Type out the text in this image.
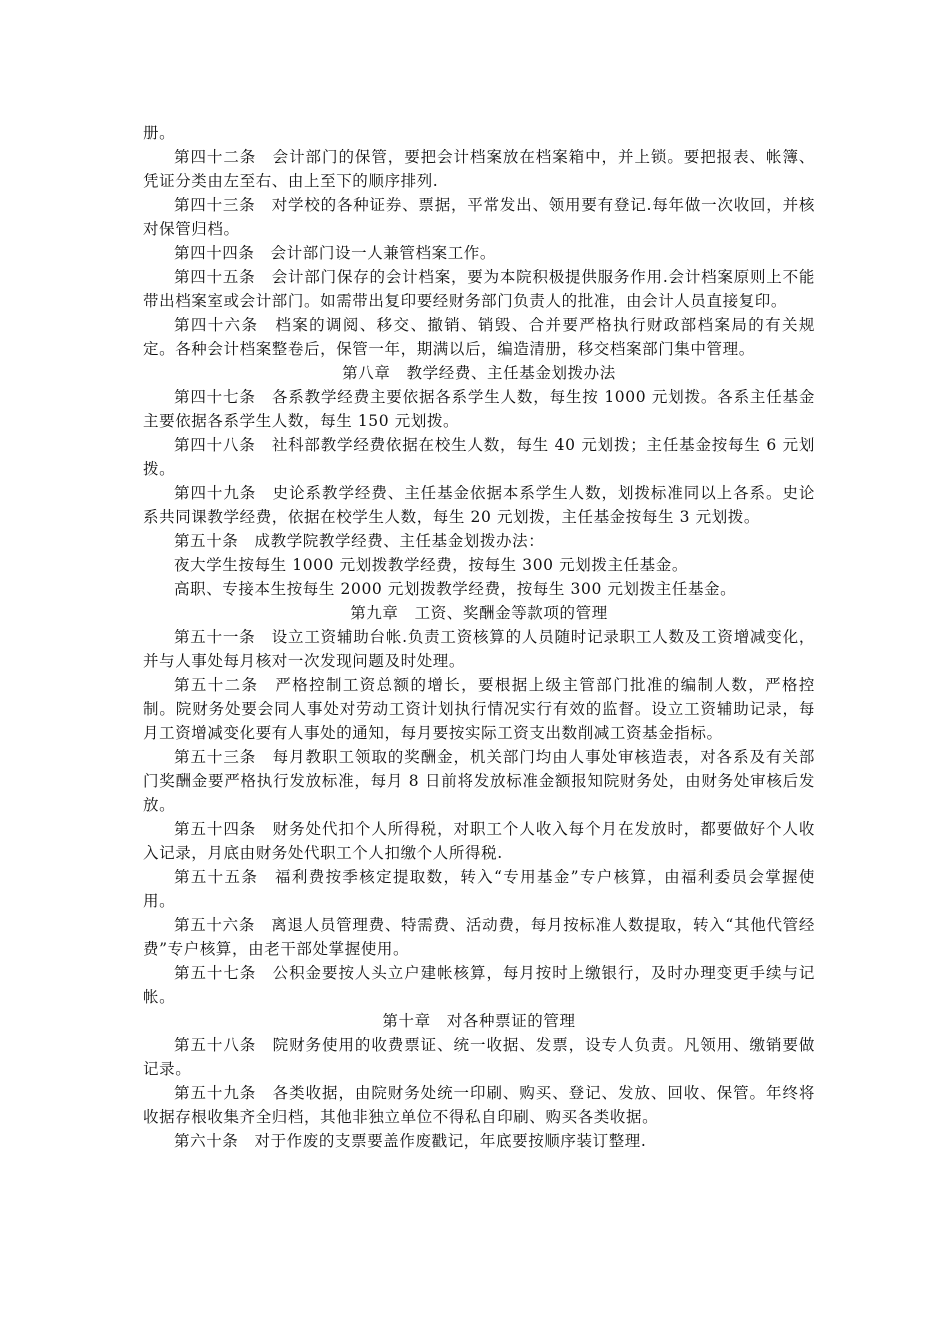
册。

第四十二条　会计部门的保管，要把会计档案放在档案箱中，并上锁。要把报表、帐簿、凭证分类由左至右、由上至下的顺序排列.

第四十三条　对学校的各种证券、票据，平常发出、领用要有登记.每年做一次收回，并核对保管归档。

第四十四条　会计部门设一人兼管档案工作。

第四十五条　会计部门保存的会计档案，要为本院积极提供服务作用.会计档案原则上不能带出档案室或会计部门。如需带出复印要经财务部门负责人的批准，由会计人员直接复印。

第四十六条　档案的调阅、移交、撤销、销毁、合并要严格执行财政部档案局的有关规定。各种会计档案整卷后，保管一年，期满以后，编造清册，移交档案部门集中管理。

第八章　教学经费、主任基金划拨办法

第四十七条　各系教学经费主要依据各系学生人数，每生按 1000 元划拨。各系主任基金主要依据各系学生人数，每生 150 元划拨。

第四十八条　社科部教学经费依据在校生人数，每生 40 元划拨；主任基金按每生 6 元划拨。

第四十九条　史论系教学经费、主任基金依据本系学生人数，划拨标准同以上各系。史论系共同课教学经费，依据在校学生人数，每生 20 元划拨，主任基金按每生 3 元划拨。

第五十条　成教学院教学经费、主任基金划拨办法：

夜大学生按每生 1000 元划拨教学经费，按每生 300 元划拨主任基金。

高职、专接本生按每生 2000 元划拨教学经费，按每生 300 元划拨主任基金。

第九章　工资、奖酬金等款项的管理

第五十一条　设立工资辅助台帐.负责工资核算的人员随时记录职工人数及工资增减变化，并与人事处每月核对一次发现问题及时处理。

第五十二条　严格控制工资总额的增长，要根据上级主管部门批准的编制人数，严格控制。院财务处要会同人事处对劳动工资计划执行情况实行有效的监督。设立工资辅助记录，每月工资增减变化要有人事处的通知，每月要按实际工资支出数削减工资基金指标。

第五十三条　每月教职工领取的奖酬金，机关部门均由人事处审核造表，对各系及有关部门奖酬金要严格执行发放标准，每月 8 日前将发放标准金额报知院财务处，由财务处审核后发放。

第五十四条　财务处代扣个人所得税，对职工个人收入每个月在发放时，都要做好个人收入记录，月底由财务处代职工个人扣缴个人所得税.

第五十五条　福利费按季核定提取数，转入“专用基金”专户核算，由福利委员会掌握使用。

第五十六条　离退人员管理费、特需费、活动费，每月按标准人数提取，转入“其他代管经费”专户核算，由老干部处掌握使用。

第五十七条　公积金要按人头立户建帐核算，每月按时上缴银行，及时办理变更手续与记帐。

第十章　对各种票证的管理

第五十八条　院财务使用的收费票证、统一收据、发票，设专人负责。凡领用、缴销要做记录。

第五十九条　各类收据，由院财务处统一印刷、购买、登记、发放、回收、保管。年终将收据存根收集齐全归档，其他非独立单位不得私自印刷、购买各类收据。

第六十条　对于作废的支票要盖作废戳记，年底要按顺序装订整理.
